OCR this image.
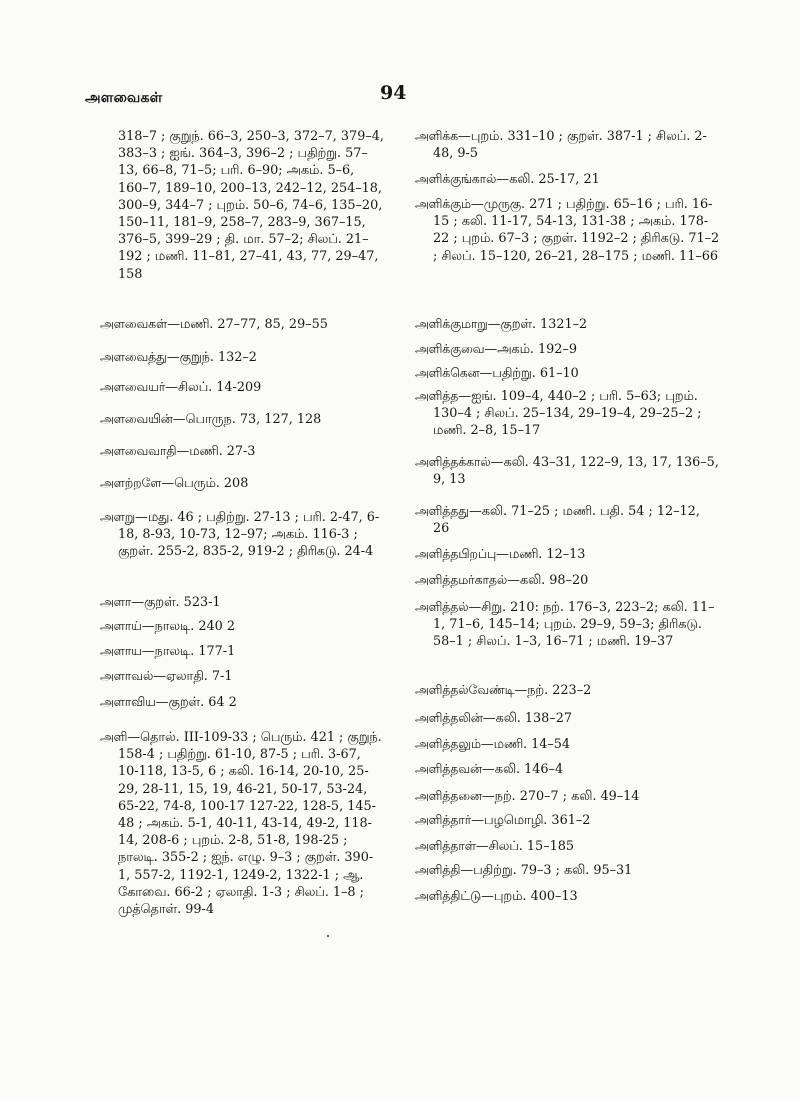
அளவைகள்	94
318–7 ; குறுந். 66–3, 250–3, 372–7, 379–4, 383–3 ; ஐங். 364–3, 396–2 ; பதிற்று. 57–13, 66–8, 71–5; பரி. 6–90; அகம். 5–6, 160–7, 189–10, 200–13, 242–12, 254–18, 300–9, 344–7 ; புறம். 50–6, 74–6, 135–20, 150–11, 181–9, 258–7, 283–9, 367–15, 376–5, 399–29 ; தி. மா. 57–2; சிலப். 21–192 ; மணி. 11–81, 27–41, 43, 77, 29–47, 158
அளவைகள்—மணி. 27–77, 85, 29–55
அளவைத்து—குறுந். 132–2
அளவையர்—சிலப். 14-209
அளவையின்—பொருந. 73, 127, 128
அளவைவாதி—மணி. 27-3
அளற்றளே—பெரும். 208
அளறு—மது. 46 ; பதிற்று. 27-13 ; பரி. 2-47, 6-18, 8-93, 10-73, 12–97; அகம். 116-3 ; குறள். 255-2, 835-2, 919-2 ; திரிகடு. 24-4
அளா—குறள். 523-1
அளாய்—நாலடி. 240 2
அளாய—நாலடி. 177-1
அளாவல்—ஏலாதி. 7-1
அளாவிய—குறள். 64 2
அளி—தொல். III-109-33 ; பெரும். 421 ; குறுந். 158-4 ; பதிற்று. 61-10, 87-5 ; பரி. 3-67, 10-118, 13-5, 6 ; கலி. 16-14, 20-10, 25-29, 28-11, 15, 19, 46-21, 50-17, 53-24, 65-22, 74-8, 100-17 127-22, 128-5, 145-48 ; அகம். 5-1, 40-11, 43-14, 49-2, 118-14, 208-6 ; புறம். 2-8, 51-8, 198-25 ; நாலடி. 355-2 ; ஐந். எழு. 9–3 ; குறள். 390-1, 557-2, 1192-1, 1249-2, 1322-1 ; ஆ. கோவை. 66-2 ; ஏலாதி. 1-3 ; சிலப். 1–8 ; முத்தொள். 99-4
அளிக்க—புறம். 331–10 ; குறள். 387-1 ; சிலப். 2-48, 9-5
அளிக்குங்கால்—கலி. 25-17, 21
அளிக்கும்—முருகு. 271 ; பதிற்று. 65–16 ; பரி. 16-15 ; கலி. 11-17, 54-13, 131-38 ; அகம். 178-22 ; புறம். 67–3 ; குறள். 1192–2 ; திரிகடு. 71–2 ; சிலப். 15–120, 26–21, 28–175 ; மணி. 11–66
அளிக்குமாறு—குறள். 1321–2
அளிக்குவை—அகம். 192–9
அளிக்கென—பதிற்று. 61–10
அளித்த—ஐங். 109–4, 440–2 ; பரி. 5–63; புறம். 130–4 ; சிலப். 25–134, 29–19–4, 29–25–2 ; மணி. 2–8, 15–17
அளித்தக்கால்—கலி. 43–31, 122–9, 13, 17, 136–5, 9, 13
அளித்தது—கலி. 71–25 ; மணி. பதி. 54 ; 12–12, 26
அளித்தபிறப்பு—மணி. 12–13
அளித்தமர்காதல்—கலி. 98–20
அளித்தல்—சிறு. 210: நற். 176–3, 223–2; கலி. 11–1, 71–6, 145–14; புறம். 29–9, 59–3; திரிகடு. 58–1 ; சிலப். 1–3, 16–71 ; மணி. 19–37
அளித்தல்வேண்டி—நற். 223–2
அளித்தலின்—கலி. 138–27
அளித்தலும்—மணி. 14–54
அளித்தவன்—கலி. 146–4
அளித்தனை—நற். 270–7 ; கலி. 49–14
அளித்தார்—பழமொழி. 361–2
அளித்தாள்—சிலப். 15–185
அளித்தி—பதிற்று. 79–3 ; கலி. 95–31
அளித்திட்டு—புறம். 400–13
